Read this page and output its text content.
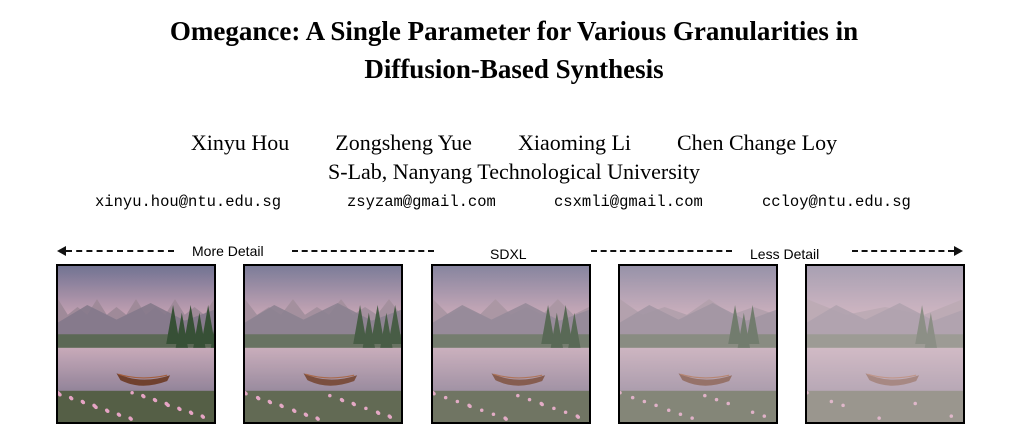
Omegance: A Single Parameter for Various Granularities in
Diffusion-Based Synthesis
Xinyu Hou Zongsheng Yue Xiaoming Li Chen Change Loy
S-Lab, Nanyang Technological University
xinyu.hou@ntu.edu.sg	zsyzam@gmail.com	csxmli@gmail.com	ccloy@ntu.edu.sg
More Detail	SDXL	Less Detail
